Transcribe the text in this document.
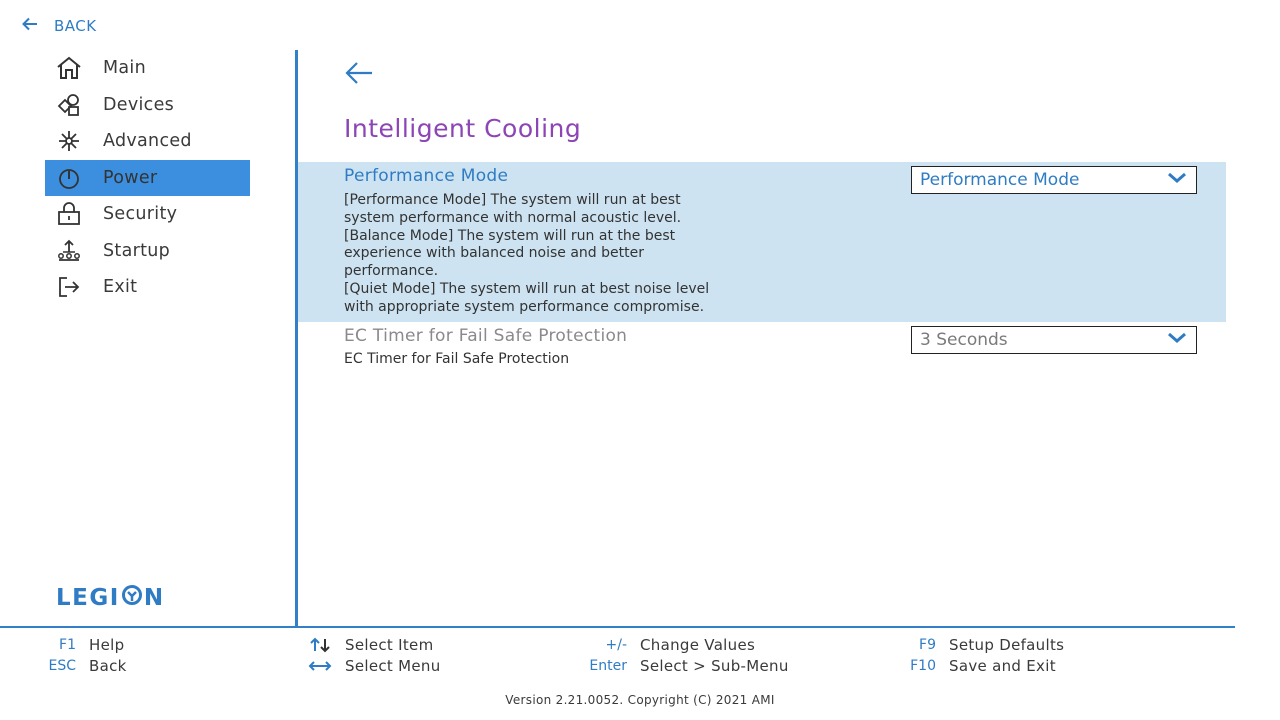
BACK
Main
Devices
Advanced
Power
Security
Startup
Exit
LEGI N
Intelligent Cooling
Performance Mode
[Performance Mode] The system will run at best
system performance with normal acoustic level.
[Balance Mode] The system will run at the best
experience with balanced noise and better
performance.
[Quiet Mode] The system will run at best noise level
with appropriate system performance compromise.
Performance Mode
EC Timer for Fail Safe Protection
EC Timer for Fail Safe Protection
3 Seconds
F1 Help
ESC Back
Select Item
Select Menu
+/- Change Values
Enter Select > Sub-Menu
F9 Setup Defaults
F10 Save and Exit
Version 2.21.0052. Copyright (C) 2021 AMI
